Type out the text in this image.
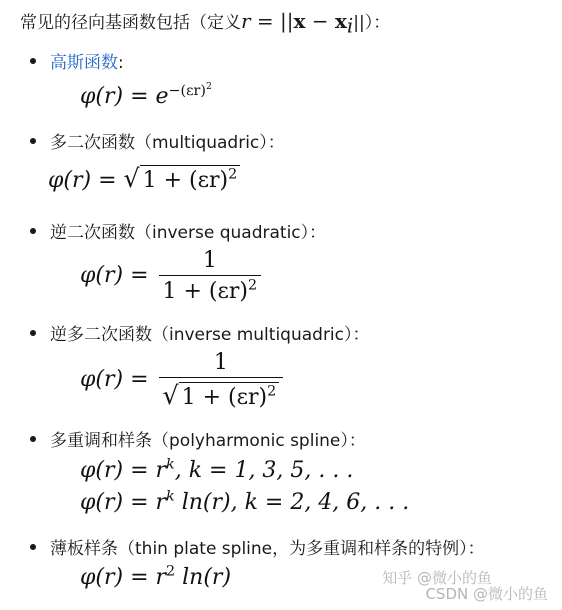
常见的径向基函数包括（定义$r = ||x - x_i||$）：
高斯函数:
$\varphi(r) = e^{-(\varepsilon r)^2}$
多二次函数（multiquadric）：
φ(r) = √ $1 + (\varepsilon r)^2$
逆二次函数（inverse quadratic）：
$\varphi(r) = \frac{1}{1 + (\varepsilon r)^2}$
逆多二次函数（inverse multiquadric）：
$\varphi(r) = \frac{1}{√ 1 + (\varepsilon r)^2}$
多重调和样条（polyharmonic spline）：
$\varphi(r) = r^k$, k = 1, 3, 5, . . .
$\varphi(r) = r^k$ ln(r), k = 2, 4, 6, . . .
薄板样条（thin plate spline，为多重调和样条的特例）：
$\varphi(r) = r^2$ ln(r)	知乎 @微小的鱼
CSDN @微小的鱼
